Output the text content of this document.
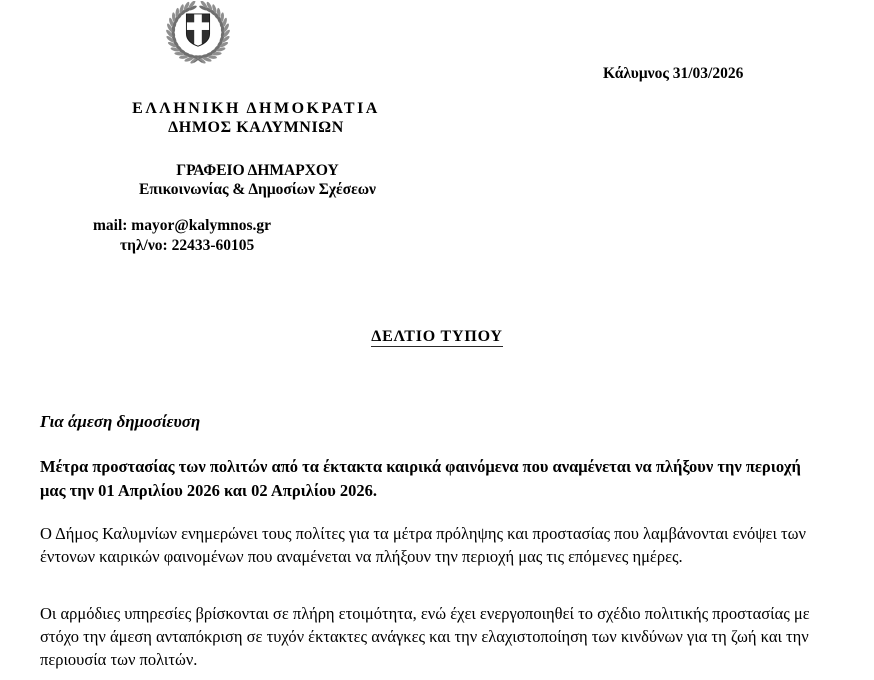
Κάλυμνος 31/03/2026
ΕΛΛΗΝΙΚΗ ΔΗΜΟΚΡΑΤΙΑ
ΔΗΜΟΣ ΚΑΛΥΜΝΙΩΝ
ΓΡΑΦΕΙΟ ΔΗΜΑΡΧΟΥ
Επικοινωνίας & Δημοσίων Σχέσεων
mail: mayor@kalymnos.gr
τηλ/νο: 22433-60105
ΔΕΛΤΙΟ ΤΥΠΟΥ
Για άμεση δημοσίευση
Μέτρα προστασίας των πολιτών από τα έκτακτα καιρικά φαινόμενα που αναμένεται να πλήξουν την περιοχή μας την 01 Απριλίου 2026 και 02 Απριλίου 2026.

Ο Δήμος Καλυμνίων ενημερώνει τους πολίτες για τα μέτρα πρόληψης και προστασίας που λαμβάνονται ενόψει των έντονων καιρικών φαινομένων που αναμένεται να πλήξουν την περιοχή μας τις επόμενες ημέρες.

Οι αρμόδιες υπηρεσίες βρίσκονται σε πλήρη ετοιμότητα, ενώ έχει ενεργοποιηθεί το σχέδιο πολιτικής προστασίας με στόχο την άμεση ανταπόκριση σε τυχόν έκτακτες ανάγκες και την ελαχιστοποίηση των κινδύνων για τη ζωή και την περιουσία των πολιτών.
